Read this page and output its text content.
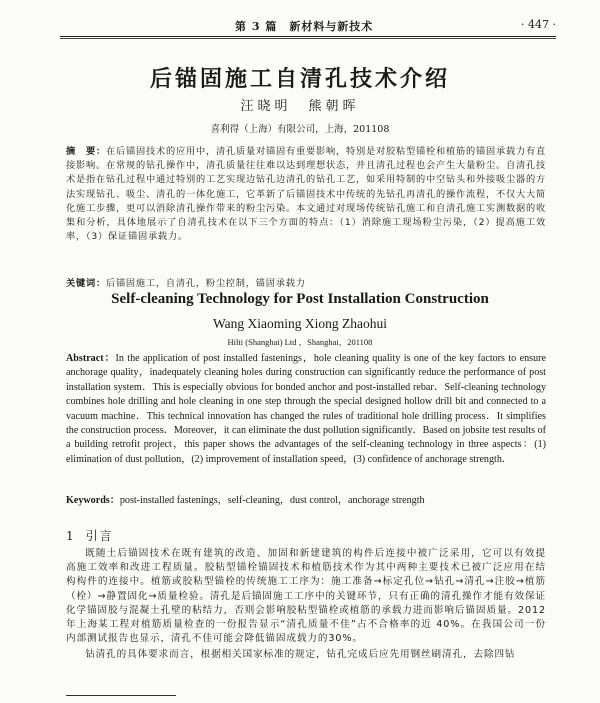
第 3 篇　新材料与新技术	· 447 ·
后锚固施工自清孔技术介绍
汪晓明　熊朝晖
喜利得（上海）有限公司，上海，201108
摘　要：在后锚固技术的应用中，清孔质量对锚固有重要影响，特别是对胶粘型锚栓和植筋的锚固承载力有直接影响。在常规的钻孔操作中，清孔质量往往难以达到理想状态，并且清孔过程也会产生大量粉尘。自清孔技术是指在钻孔过程中通过特别的工艺实现边钻孔边清孔的钻孔工艺，如采用特制的中空钻头和外接吸尘器的方法实现钻孔、吸尘、清孔的一体化施工，它革新了后锚固技术中传统的先钻孔再清孔的操作流程，不仅大大简化施工步骤，更可以消除清孔操作带来的粉尘污染。本文通过对现场传统钻孔施工和自清孔施工实测数据的收集和分析，具体地展示了自清孔技术在以下三个方面的特点：（1）消除施工现场粉尘污染，（2）提高施工效率，（3）保证锚固承载力。
关键词：后锚固施工，自清孔，粉尘控制，锚固承载力
Self-cleaning Technology for Post Installation Construction
Wang Xiaoming Xiong Zhaohui
Hilti (Shanghai) Ltd ，Shanghai，201108
Abstract：In the application of post installed fastenings，hole cleaning quality is one of the key factors to ensure anchorage quality，inadequately cleaning holes during construction can significantly reduce the performance of post installation system．This is especially obvious for bonded anchor and post-installed rebar．Self-cleaning technology combines hole drilling and hole cleaning in one step through the special designed hollow drill bit and connected to a vacuum machine．This technical innovation has changed the rules of traditional hole drilling process．It simplifies the construction process．Moreover，it can eliminate the dust pollution significantly．Based on jobsite test results of a building retrofit project，this paper shows the advantages of the self-cleaning technology in three aspects：(1) elimination of dust pollution，(2) improvement of installation speed，(3) confidence of anchorage strength．
Keywords：post-installed fastenings，self-cleaning，dust control，anchorage strength
1 引言

既随土后锚固技术在既有建筑的改造、加固和新建建筑的构件后连接中被广泛采用，它可以有效提高施工效率和改进工程质量。胶粘型锚栓锚固技术和植筋技术作为其中两种主要技术已被广泛应用在结构构件的连接中。植筋或胶粘型锚栓的传统施工工序为：施工准备→标定孔位→钻孔→清孔→注胶→植筋（栓）→静置固化→质量检验。清孔是后锚固施工工序中的关键环节，只有正确的清孔操作才能有效保证化学锚固胶与混凝土孔壁的粘结力，否则会影响胶粘型锚栓或植筋的承载力进而影响后锚固质量。2012 年上海某工程对植筋质量检查的一份报告显示“清孔质量不佳”占不合格率的近 40%。在我国公司一份内部测试报告也显示，清孔不佳可能会降低锚固成载力的30%。

钻清孔的具体要求而言，根据相关国家标准的规定，钻孔完成后应先用钢丝刷清孔，去除四钻
